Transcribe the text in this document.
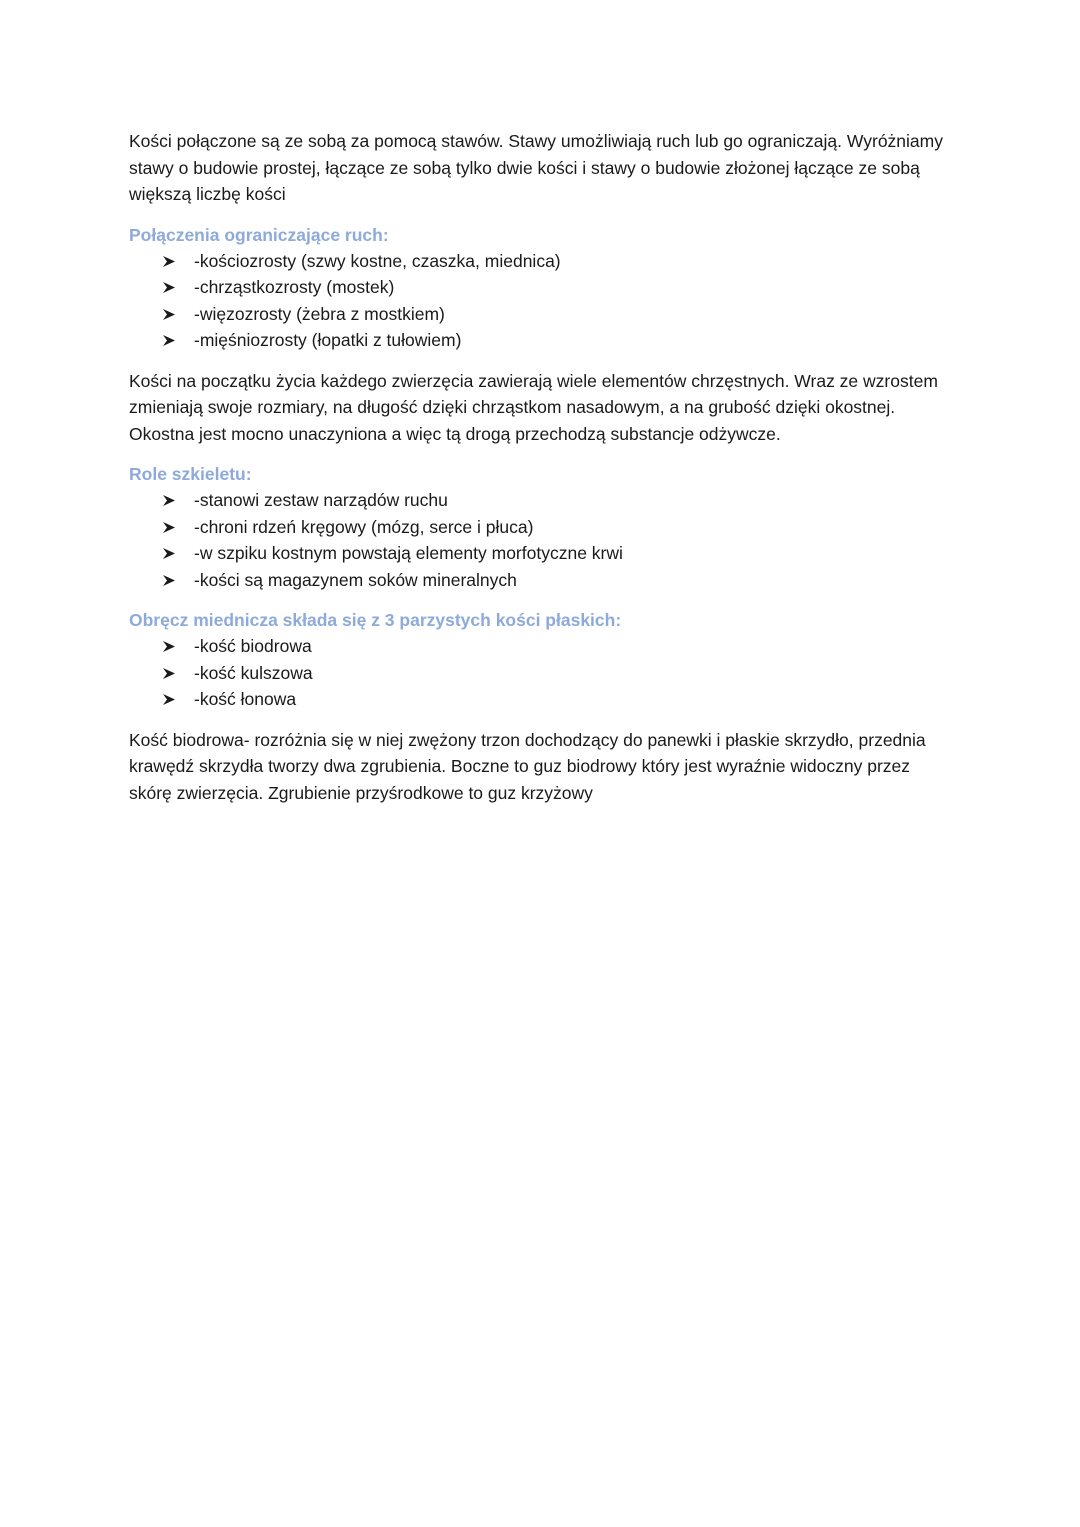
Kości połączone są ze sobą za pomocą stawów. Stawy umożliwiają ruch lub go ograniczają. Wyróżniamy stawy o budowie prostej, łączące ze sobą tylko dwie kości i stawy o budowie złożonej łączące ze sobą większą liczbę kości

Połączenia ograniczające ruch:

-kościozrosty (szwy kostne, czaszka, miednica)
-chrząstkozrosty (mostek)
-więzozrosty (żebra z mostkiem)
-mięśniozrosty (łopatki z tułowiem)

Kości na początku życia każdego zwierzęcia zawierają wiele elementów chrzęstnych. Wraz ze wzrostem zmieniają swoje rozmiary, na długość dzięki chrząstkom nasadowym, a na grubość dzięki okostnej. Okostna jest mocno unaczyniona a więc tą drogą przechodzą substancje odżywcze.

Role szkieletu:

-stanowi zestaw narządów ruchu
-chroni rdzeń kręgowy (mózg, serce i płuca)
-w szpiku kostnym powstają elementy morfotyczne krwi
-kości są magazynem soków mineralnych

Obręcz miednicza składa się z 3 parzystych kości płaskich:

-kość biodrowa
-kość kulszowa
-kość łonowa

Kość biodrowa- rozróżnia się w niej zwężony trzon dochodzący do panewki i płaskie skrzydło, przednia krawędź skrzydła tworzy dwa zgrubienia. Boczne to guz biodrowy który jest wyraźnie widoczny przez skórę zwierzęcia. Zgrubienie przyśrodkowe to guz krzyżowy
